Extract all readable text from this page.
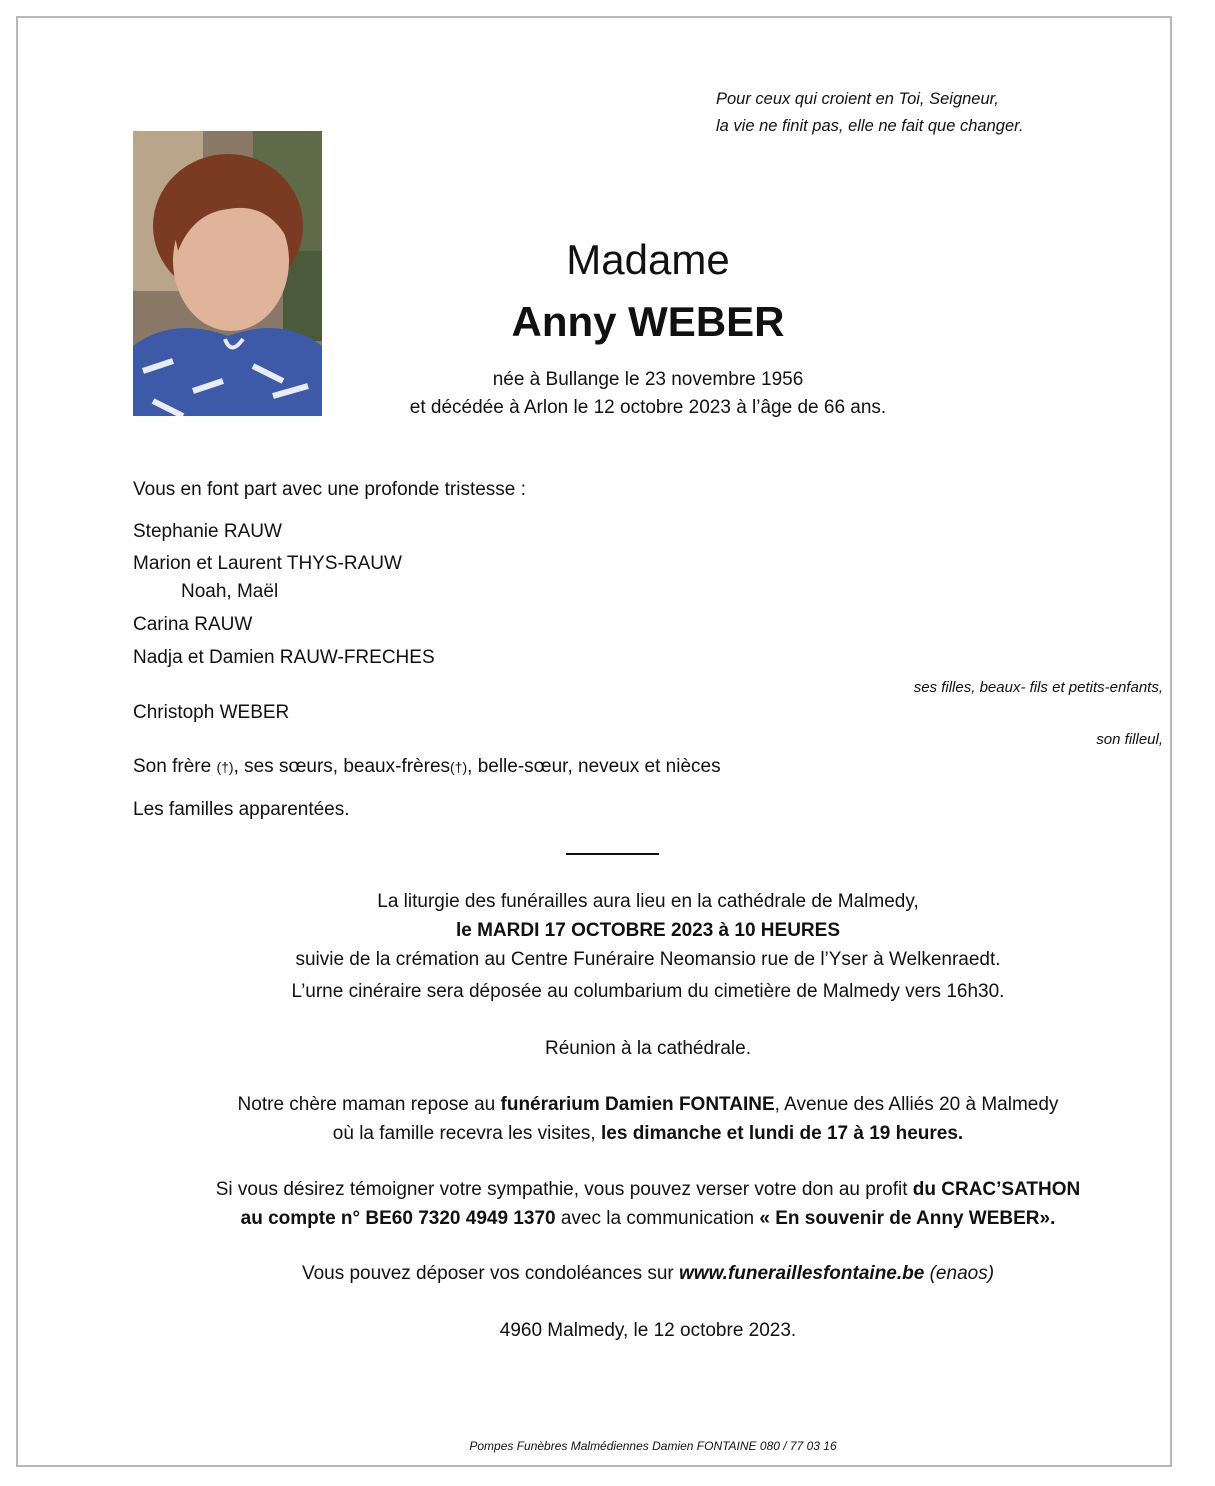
Pour ceux qui croient en Toi, Seigneur,
la vie ne finit pas, elle ne fait que changer.
Madame
Anny WEBER
née à Bullange le 23 novembre 1956
et décédée à Arlon le 12 octobre 2023 à l’âge de 66 ans.
Vous en font part avec une profonde tristesse :
Stephanie RAUW
Marion et Laurent THYS-RAUW
Noah, Maël
Carina RAUW
Nadja et Damien RAUW-FRECHES
ses filles, beaux- fils et petits-enfants,
Christoph WEBER
son filleul,
Son frère (†), ses sœurs, beaux-frères(†), belle-sœur, neveux et nièces
Les familles apparentées.
La liturgie des funérailles aura lieu en la cathédrale de Malmedy,
le MARDI 17 OCTOBRE 2023 à 10 HEURES
suivie de la crémation au Centre Funéraire Neomansio rue de l’Yser à Welkenraedt.
L’urne cinéraire sera déposée au columbarium du cimetière de Malmedy vers 16h30.
Réunion à la cathédrale.
Notre chère maman repose au funérarium Damien FONTAINE, Avenue des Alliés 20 à Malmedy
où la famille recevra les visites, les dimanche et lundi de 17 à 19 heures.
Si vous désirez témoigner votre sympathie, vous pouvez verser votre don au profit du CRAC’SATHON
au compte n° BE60 7320 4949 1370 avec la communication « En souvenir de Anny WEBER».
Vous pouvez déposer vos condoléances sur www.funeraillesfontaine.be (enaos)
4960 Malmedy, le 12 octobre 2023.
Pompes Funèbres Malmédiennes Damien FONTAINE 080 / 77 03 16
